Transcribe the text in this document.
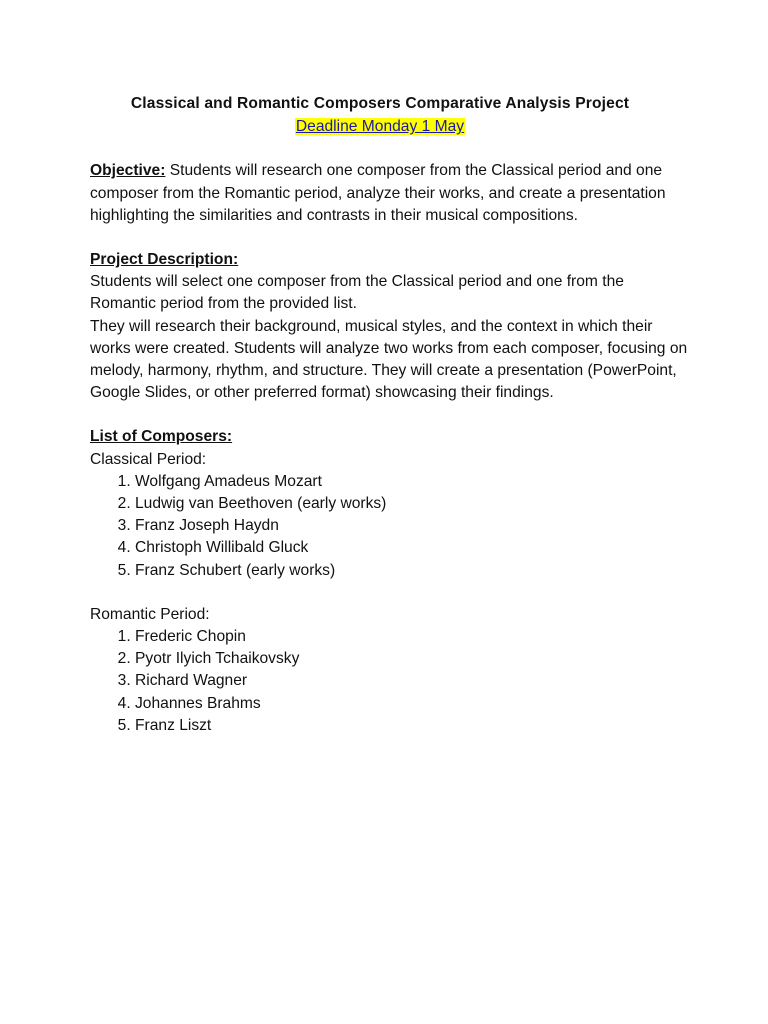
Classical and Romantic Composers Comparative Analysis Project
Deadline Monday 1 May

Objective: Students will research one composer from the Classical period and one composer from the Romantic period, analyze their works, and create a presentation highlighting the similarities and contrasts in their musical compositions.

Project Description:

Students will select one composer from the Classical period and one from the Romantic period from the provided list.

They will research their background, musical styles, and the context in which their works were created. Students will analyze two works from each composer, focusing on melody, harmony, rhythm, and structure. They will create a presentation (PowerPoint, Google Slides, or other preferred format) showcasing their findings.

List of Composers:

Classical Period:

1. Wolfgang Amadeus Mozart
2. Ludwig van Beethoven (early works)
3. Franz Joseph Haydn
4. Christoph Willibald Gluck
5. Franz Schubert (early works)

Romantic Period:

1. Frederic Chopin
2. Pyotr Ilyich Tchaikovsky
3. Richard Wagner
4. Johannes Brahms
5. Franz Liszt
